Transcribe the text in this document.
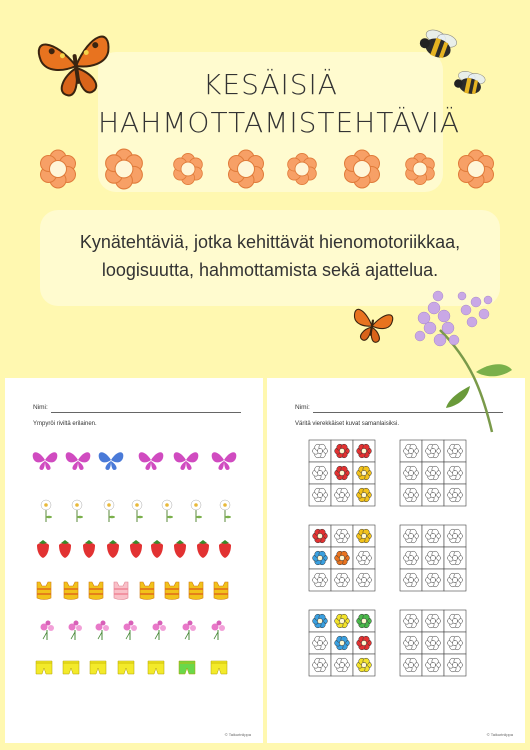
KESÄISIÄ
HAHMOTTAMISTEHTÄVIÄ
Kynätehtäviä, jotka kehittävät hienomotoriikkaa,
loogisuutta, hahmottamista sekä ajattelua.
Nimi:
Ympyröi riviltä erilainen.
© Taikuriniippa
Nimi:
Väritä vierekkäiset kuvat samanlaisiksi.
© Taikuriniippa
